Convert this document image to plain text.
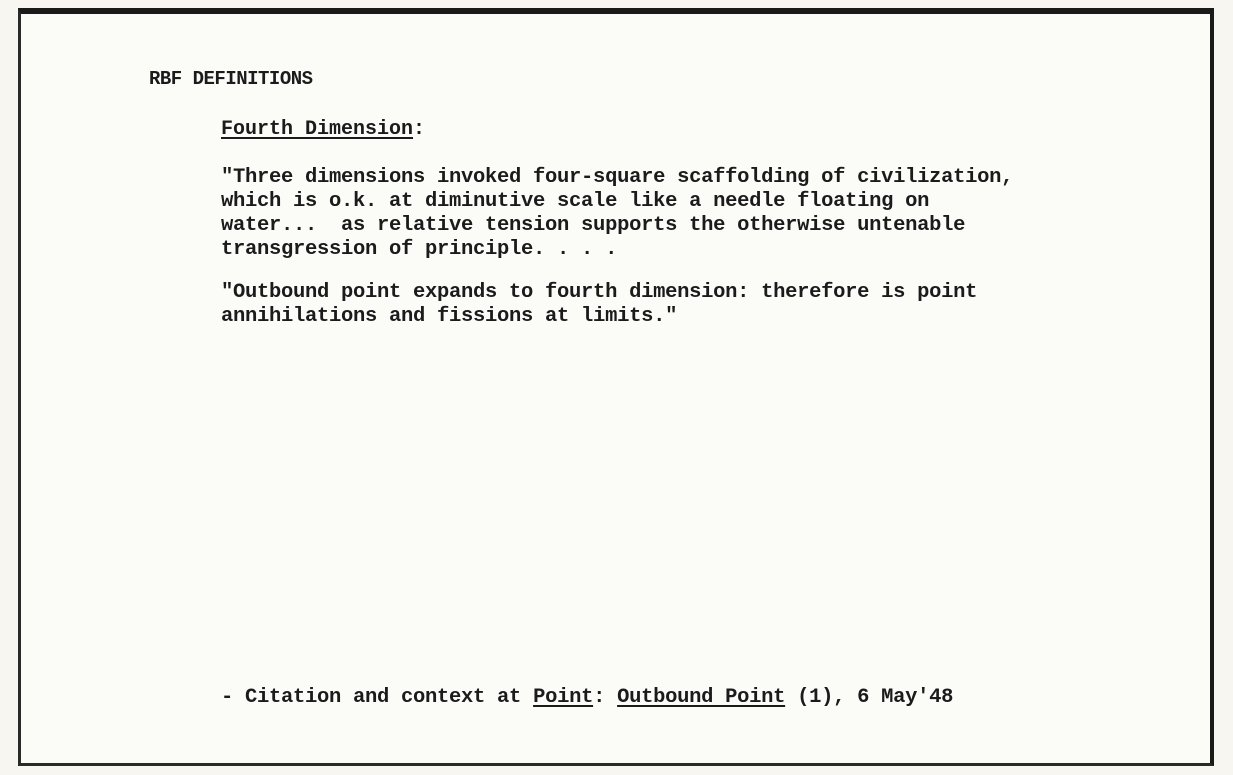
RBF DEFINITIONS
Fourth Dimension:
"Three dimensions invoked four-square scaffolding of civilization,
which is o.k. at diminutive scale like a needle floating on
water...  as relative tension supports the otherwise untenable
transgression of principle. . . .
"Outbound point expands to fourth dimension: therefore is point
annihilations and fissions at limits."
- Citation and context at Point: Outbound Point (1), 6 May'48
